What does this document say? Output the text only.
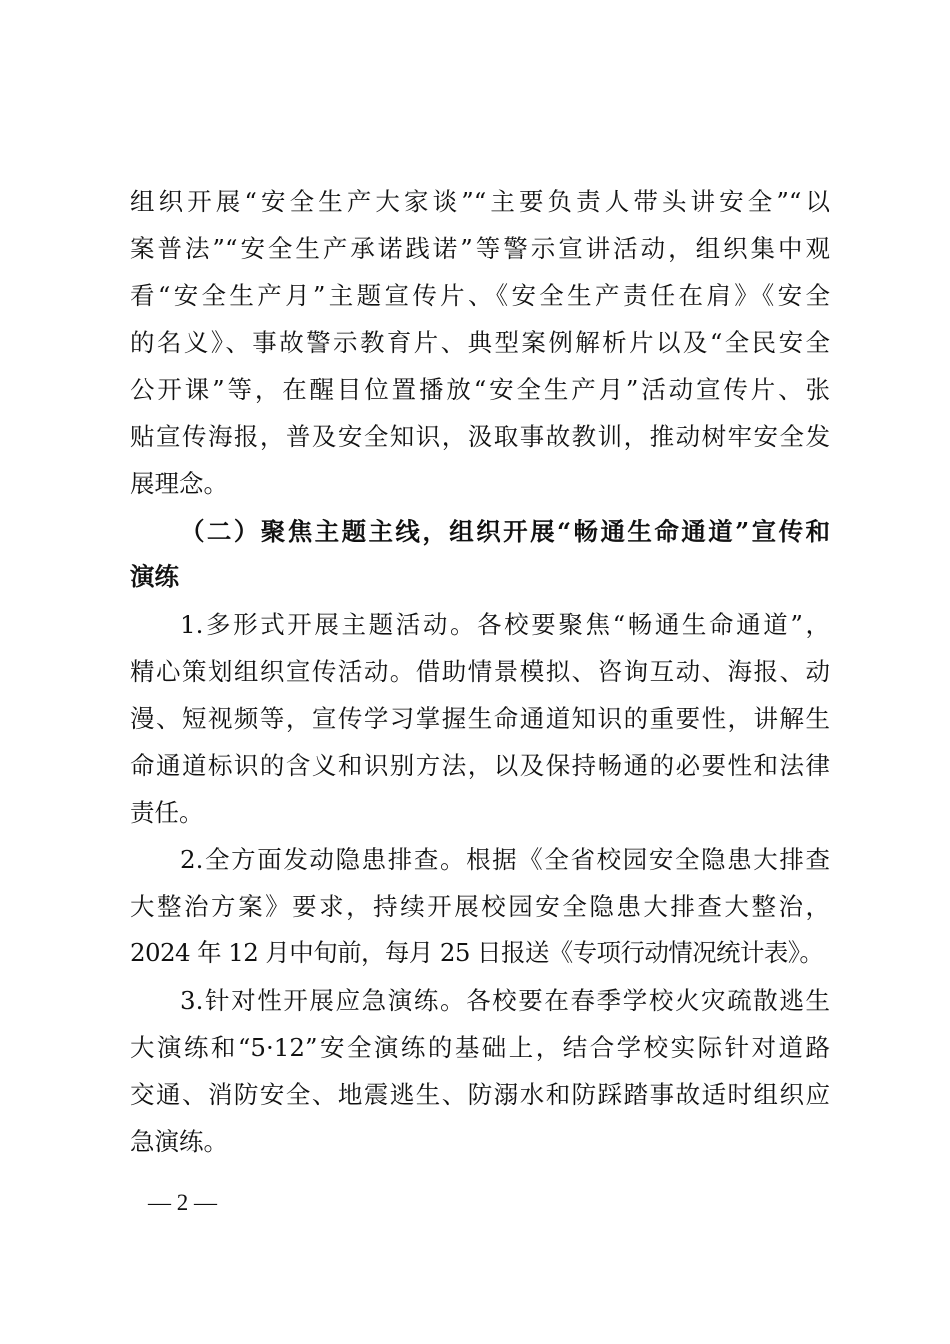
组织开展“安全生产大家谈”“主要负责人带头讲安全”“以
案普法”“安全生产承诺践诺”等警示宣讲活动，组织集中观
看“安全生产月”主题宣传片、《安全生产责任在肩》《安全
的名义》、事故警示教育片、典型案例解析片以及“全民安全
公开课”等，在醒目位置播放“安全生产月”活动宣传片、张
贴宣传海报，普及安全知识，汲取事故教训，推动树牢安全发
展理念。
（二）聚焦主题主线，组织开展“畅通生命通道”宣传和
演练
1.多形式开展主题活动。各校要聚焦“畅通生命通道”，
精心策划组织宣传活动。借助情景模拟、咨询互动、海报、动
漫、短视频等，宣传学习掌握生命通道知识的重要性，讲解生
命通道标识的含义和识别方法，以及保持畅通的必要性和法律
责任。
2.全方面发动隐患排查。根据《全省校园安全隐患大排查
大整治方案》要求，持续开展校园安全隐患大排查大整治，
2024 年 12 月中旬前，每月 25 日报送《专项行动情况统计表》。
3.针对性开展应急演练。各校要在春季学校火灾疏散逃生
大演练和“5·12”安全演练的基础上，结合学校实际针对道路
交通、消防安全、地震逃生、防溺水和防踩踏事故适时组织应
急演练。
— 2 —
